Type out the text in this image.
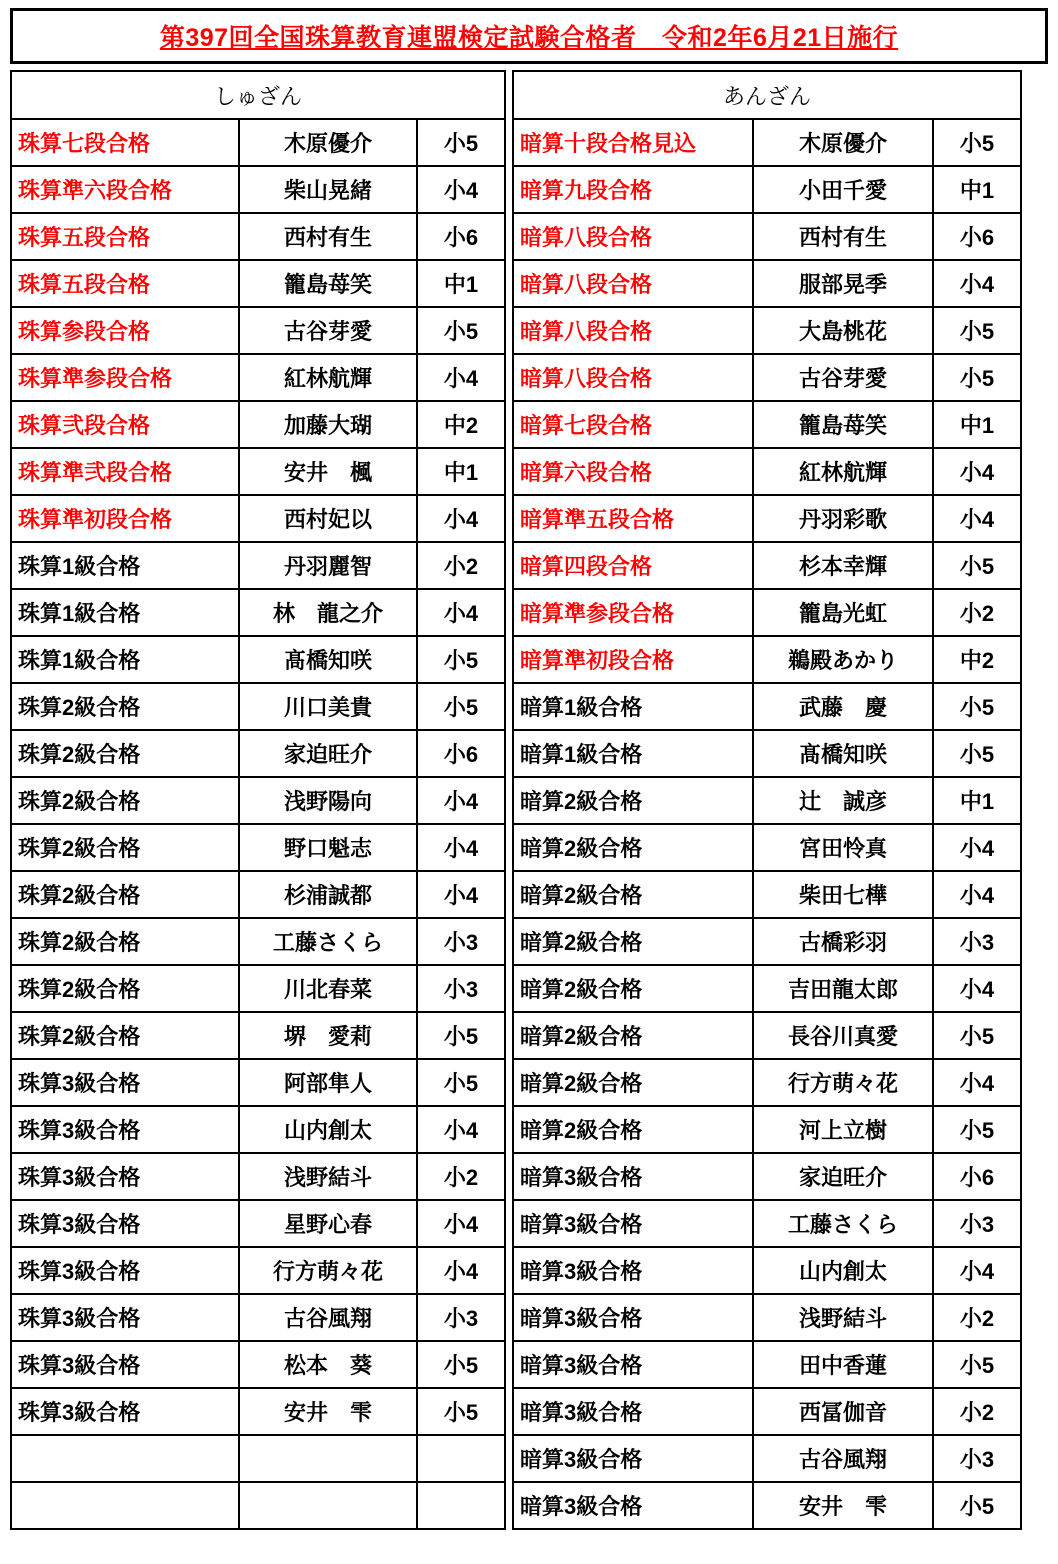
第397回全国珠算教育連盟検定試験合格者　令和2年6月21日施行
しゅざん		
珠算七段合格	木原優介	小5
珠算準六段合格	柴山晃緒	小4
珠算五段合格	西村有生	小6
珠算五段合格	籠島苺笑	中1
珠算参段合格	古谷芽愛	小5
珠算準参段合格	紅林航輝	小4
珠算弐段合格	加藤大瑚	中2
珠算準弐段合格	安井　楓	中1
珠算準初段合格	西村妃以	小4
珠算1級合格	丹羽麗智	小2
珠算1級合格	林　龍之介	小4
珠算1級合格	髙橋知咲	小5
珠算2級合格	川口美貴	小5
珠算2級合格	家迫旺介	小6
珠算2級合格	浅野陽向	小4
珠算2級合格	野口魁志	小4
珠算2級合格	杉浦誠都	小4
珠算2級合格	工藤さくら	小3
珠算2級合格	川北春菜	小3
珠算2級合格	堺　愛莉	小5
珠算3級合格	阿部隼人	小5
珠算3級合格	山内創太	小4
珠算3級合格	浅野結斗	小2
珠算3級合格	星野心春	小4
珠算3級合格	行方萌々花	小4
珠算3級合格	古谷風翔	小3
珠算3級合格	松本　葵	小5
珠算3級合格	安井　雫	小5

あんざん		
暗算十段合格見込	木原優介	小5
暗算九段合格	小田千愛	中1
暗算八段合格	西村有生	小6
暗算八段合格	服部晃季	小4
暗算八段合格	大島桃花	小5
暗算八段合格	古谷芽愛	小5
暗算七段合格	籠島苺笑	中1
暗算六段合格	紅林航輝	小4
暗算準五段合格	丹羽彩歌	小4
暗算四段合格	杉本幸輝	小5
暗算準参段合格	籠島光虹	小2
暗算準初段合格	鵜殿あかり	中2
暗算1級合格	武藤　慶	小5
暗算1級合格	髙橋知咲	小5
暗算2級合格	辻　誠彦	中1
暗算2級合格	宮田怜真	小4
暗算2級合格	柴田七樺	小4
暗算2級合格	古橋彩羽	小3
暗算2級合格	吉田龍太郎	小4
暗算2級合格	長谷川真愛	小5
暗算2級合格	行方萌々花	小4
暗算2級合格	河上立樹	小5
暗算3級合格	家迫旺介	小6
暗算3級合格	工藤さくら	小3
暗算3級合格	山内創太	小4
暗算3級合格	浅野結斗	小2
暗算3級合格	田中香蓮	小5
暗算3級合格	西冨伽音	小2
暗算3級合格	古谷風翔	小3
暗算3級合格	安井　雫	小5
